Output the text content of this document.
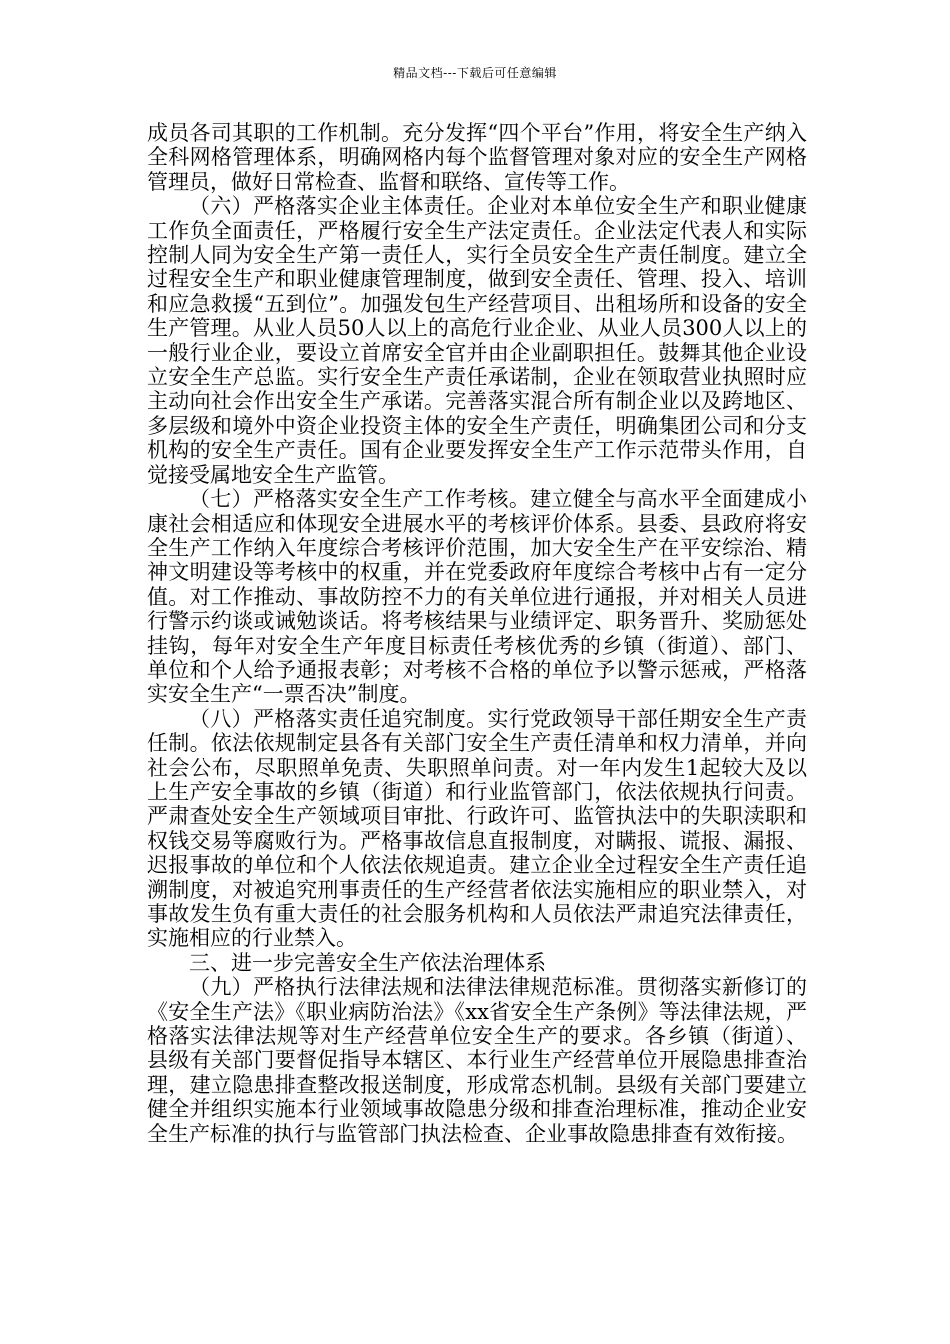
精品文档---下载后可任意编辑

成员各司其职的工作机制。充分发挥“四个平台”作用，将安全生产纳入全科网格管理体系，明确网格内每个监督管理对象对应的安全生产网格管理员，做好日常检查、监督和联络、宣传等工作。

（六）严格落实企业主体责任。企业对本单位安全生产和职业健康工作负全面责任，严格履行安全生产法定责任。企业法定代表人和实际控制人同为安全生产第一责任人，实行全员安全生产责任制度。建立全过程安全生产和职业健康管理制度，做到安全责任、管理、投入、培训和应急救援“五到位”。加强发包生产经营项目、出租场所和设备的安全生产管理。从业人员50人以上的高危行业企业、从业人员300人以上的一般行业企业，要设立首席安全官并由企业副职担任。鼓舞其他企业设立安全生产总监。实行安全生产责任承诺制，企业在领取营业执照时应主动向社会作出安全生产承诺。完善落实混合所有制企业以及跨地区、多层级和境外中资企业投资主体的安全生产责任，明确集团公司和分支机构的安全生产责任。国有企业要发挥安全生产工作示范带头作用，自觉接受属地安全生产监管。

（七）严格落实安全生产工作考核。建立健全与高水平全面建成小康社会相适应和体现安全进展水平的考核评价体系。县委、县政府将安全生产工作纳入年度综合考核评价范围，加大安全生产在平安综治、精神文明建设等考核中的权重，并在党委政府年度综合考核中占有一定分值。对工作推动、事故防控不力的有关单位进行通报，并对相关人员进行警示约谈或诫勉谈话。将考核结果与业绩评定、职务晋升、奖励惩处挂钩，每年对安全生产年度目标责任考核优秀的乡镇（街道）、部门、单位和个人给予通报表彰；对考核不合格的单位予以警示惩戒，严格落实安全生产“一票否决”制度。

（八）严格落实责任追究制度。实行党政领导干部任期安全生产责任制。依法依规制定县各有关部门安全生产责任清单和权力清单，并向社会公布，尽职照单免责、失职照单问责。对一年内发生1起较大及以上生产安全事故的乡镇（街道）和行业监管部门，依法依规执行问责。严肃查处安全生产领域项目审批、行政许可、监管执法中的失职渎职和权钱交易等腐败行为。严格事故信息直报制度，对瞒报、谎报、漏报、迟报事故的单位和个人依法依规追责。建立企业全过程安全生产责任追溯制度，对被追究刑事责任的生产经营者依法实施相应的职业禁入，对事故发生负有重大责任的社会服务机构和人员依法严肃追究法律责任，实施相应的行业禁入。

三、进一步完善安全生产依法治理体系

（九）严格执行法律法规和法律法律规范标准。贯彻落实新修订的《安全生产法》《职业病防治法》《xx省安全生产条例》等法律法规，严格落实法律法规等对生产经营单位安全生产的要求。各乡镇（街道）、县级有关部门要督促指导本辖区、本行业生产经营单位开展隐患排查治理，建立隐患排查整改报送制度，形成常态机制。县级有关部门要建立健全并组织实施本行业领域事故隐患分级和排查治理标准，推动企业安全生产标准的执行与监管部门执法检查、企业事故隐患排查有效衔接。
